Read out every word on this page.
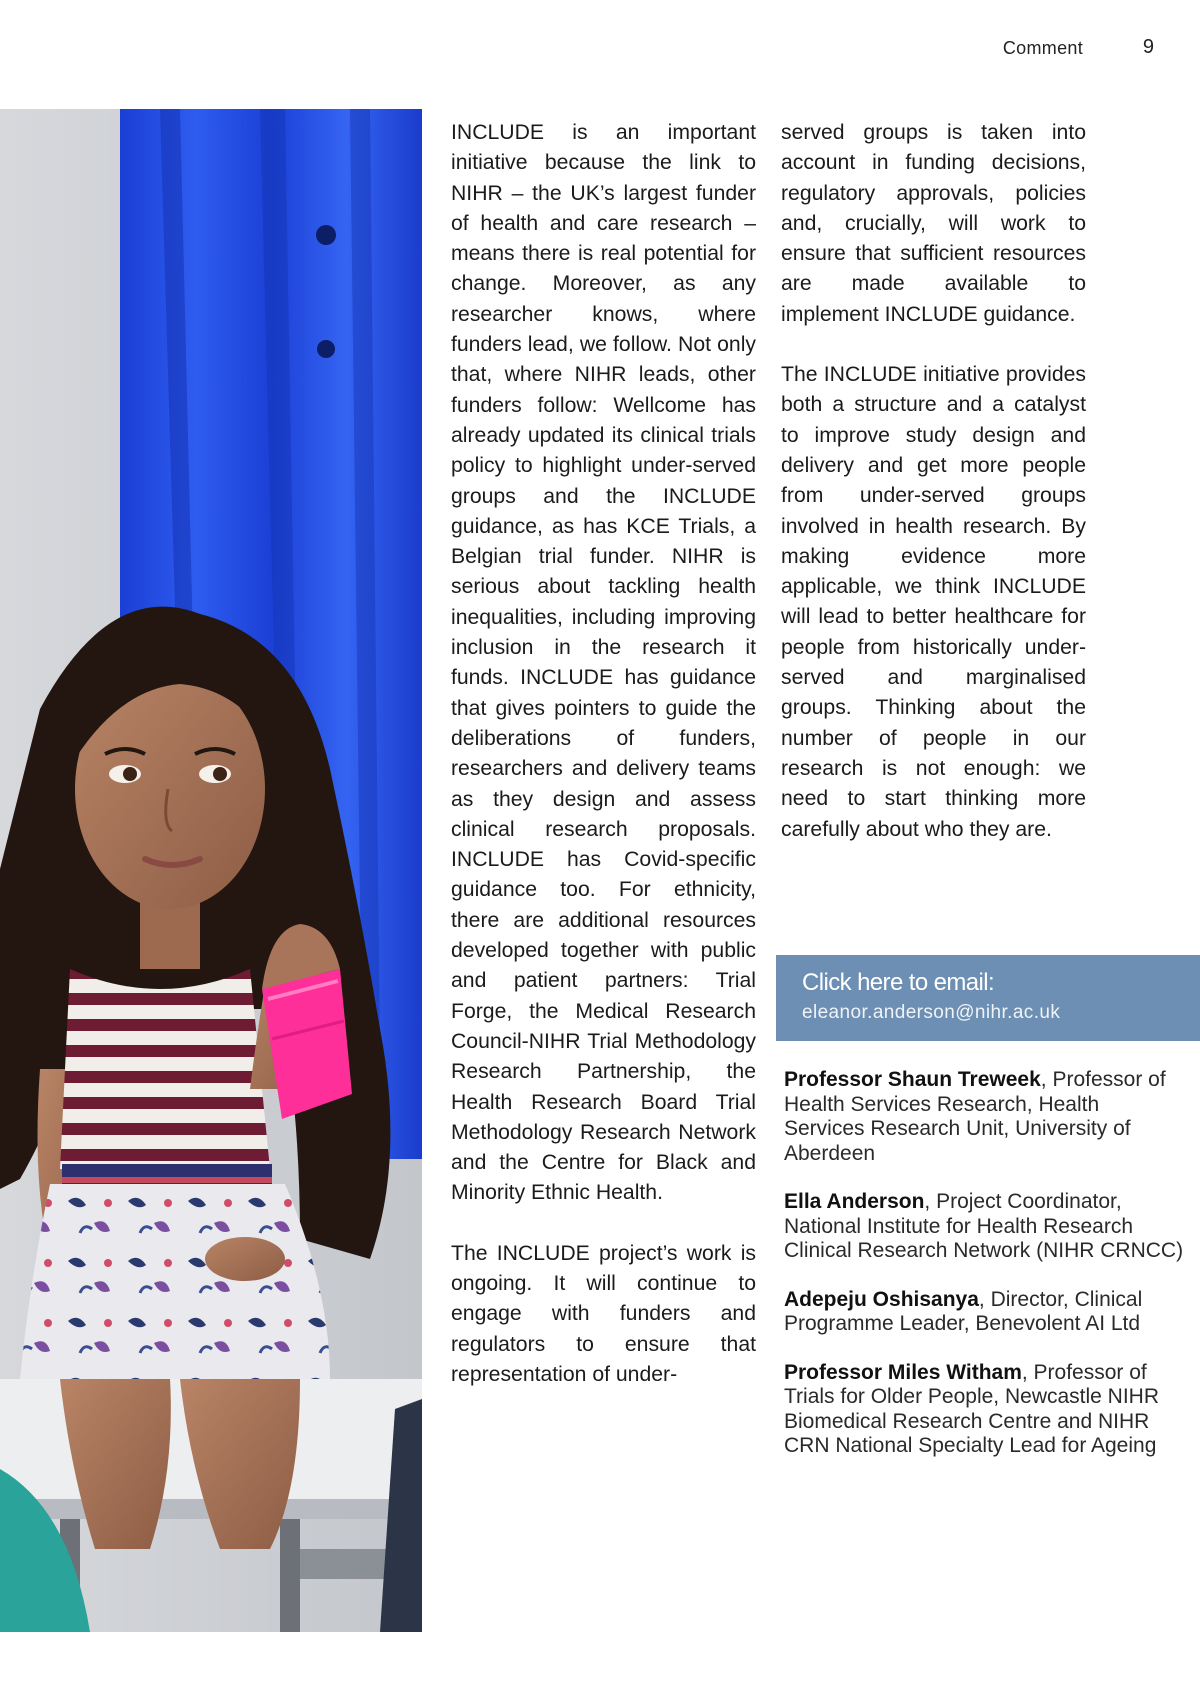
Comment	9

INCLUDE is an important initiative because the link to NIHR – the UK’s largest funder of health and care research – means there is real potential for change. Moreover, as any researcher knows, where funders lead, we follow. Not only that, where NIHR leads, other funders follow: Wellcome has already updated its clinical trials policy to highlight under-served groups and the INCLUDE guidance, as has KCE Trials, a Belgian trial funder. NIHR is serious about tackling health inequalities, including improving inclusion in the research it funds. INCLUDE has guidance that gives pointers to guide the deliberations of funders, researchers and delivery teams as they design and assess clinical research proposals. INCLUDE has Covid-specific guidance too. For ethnicity, there are additional resources developed together with public and patient partners: Trial Forge, the Medical Research Council-NIHR Trial Methodology Research Partnership, the Health Research Board Trial Methodology Research Network and the Centre for Black and Minority Ethnic Health.

The INCLUDE project’s work is ongoing. It will continue to engage with funders and regulators to ensure that representation of under-

served groups is taken into account in funding decisions, regulatory approvals, policies and, crucially, will work to ensure that sufficient resources are made available to implement INCLUDE guidance.

The INCLUDE initiative provides both a structure and a catalyst to improve study design and delivery and get more people from under-served groups involved in health research. By making evidence more applicable, we think INCLUDE will lead to better healthcare for people from historically under-served and marginalised groups. Thinking about the number of people in our research is not enough: we need to start thinking more carefully about who they are.

Click here to email:
eleanor.anderson@nihr.ac.uk
Professor Shaun Treweek, Professor of Health Services Research, Health Services Research Unit, University of Aberdeen
Ella Anderson, Project Coordinator, National Institute for Health Research Clinical Research Network (NIHR CRNCC)
Adepeju Oshisanya, Director, Clinical Programme Leader, Benevolent AI Ltd
Professor Miles Witham, Professor of Trials for Older People, Newcastle NIHR Biomedical Research Centre and NIHR CRN National Specialty Lead for Ageing
